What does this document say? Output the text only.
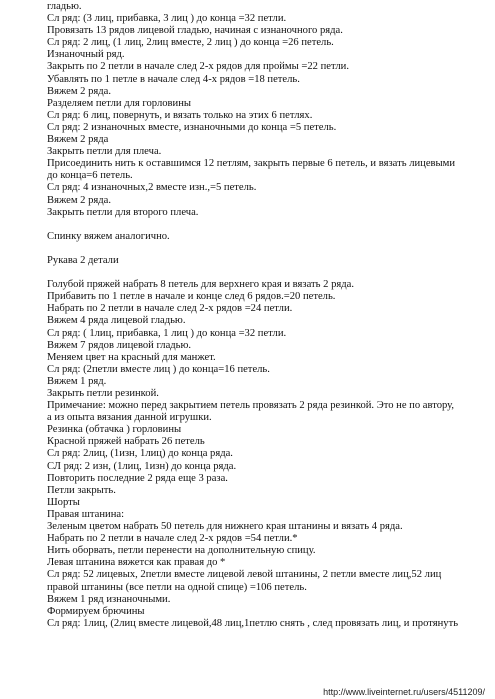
гладью.
Сл ряд: (3 лиц, прибавка, 3 лиц ) до конца =32 петли.
Провязать 13 рядов лицевой гладью, начиная с изнаночного ряда.
Сл ряд: 2 лиц, (1 лиц, 2лиц вместе, 2 лиц ) до конца =26 петель.
Изнаночный ряд.
Закрыть по 2 петли в начале след 2-х рядов для проймы =22 петли.
Убавлять по 1 петле в начале след 4-х рядов =18 петель.
Вяжем 2 ряда.
Разделяем петли для горловины
Сл ряд: 6 лиц, повернуть, и вязать только на этих 6 петлях.
Сл ряд: 2 изнаночных вместе, изнаночными до конца =5 петель.
Вяжем 2 ряда
Закрыть петли для плеча.
Присоединить нить к оставшимся 12 петлям, закрыть первые 6 петель, и вязать лицевыми
до конца=6 петель.
Сл ряд: 4 изнаночных,2 вместе изн.,=5 петель.
Вяжем 2 ряда.
Закрыть петли для второго плеча.
Спинку вяжем аналогично.
Рукава 2 детали
Голубой пряжей набрать 8 петель для верхнего края и вязать 2 ряда.
Прибавить по 1 петле в начале и конце след 6 рядов.=20 петель.
Набрать по 2 петли в начале след 2-х рядов =24 петли.
Вяжем 4 ряда лицевой гладью.
Сл ряд: ( 1лиц, прибавка, 1 лиц ) до конца =32 петли.
Вяжем 7 рядов лицевой гладью.
Меняем цвет на красный для манжет.
Сл ряд: (2петли вместе лиц ) до конца=16 петель.
Вяжем 1 ряд.
Закрыть петли резинкой.
Примечание: можно перед закрытием петель провязать 2 ряда резинкой. Это не по автору,
а из опыта вязания данной игрушки.
Резинка (обтачка ) горловины
Красной пряжей набрать 26 петель
Сл ряд: 2лиц, (1изн, 1лиц) до конца ряда.
СЛ ряд: 2 изн, (1лиц, 1изн) до конца ряда.
Повторить последние 2 ряда еще 3 раза.
Петли закрыть.
Шорты
Правая штанина:
Зеленым цветом набрать 50 петель для нижнего края штанины и вязать 4 ряда.
Набрать по 2 петли в начале след 2-х рядов =54 петли.*
Нить оборвать, петли перенести на дополнительную спицу.
Левая штанина вяжется как правая до *
Сл ряд: 52 лицевых, 2петли вместе лицевой левой штанины, 2 петли вместе лиц,52 лиц
правой штанины (все петли на одной спице) =106 петель.
Вяжем 1 ряд изнаночными.
Формируем брючины
Сл ряд: 1лиц, (2лиц вместе лицевой,48 лиц,1петлю снять , след провязать лиц, и протянуть
http://www.liveinternet.ru/users/4511209/
